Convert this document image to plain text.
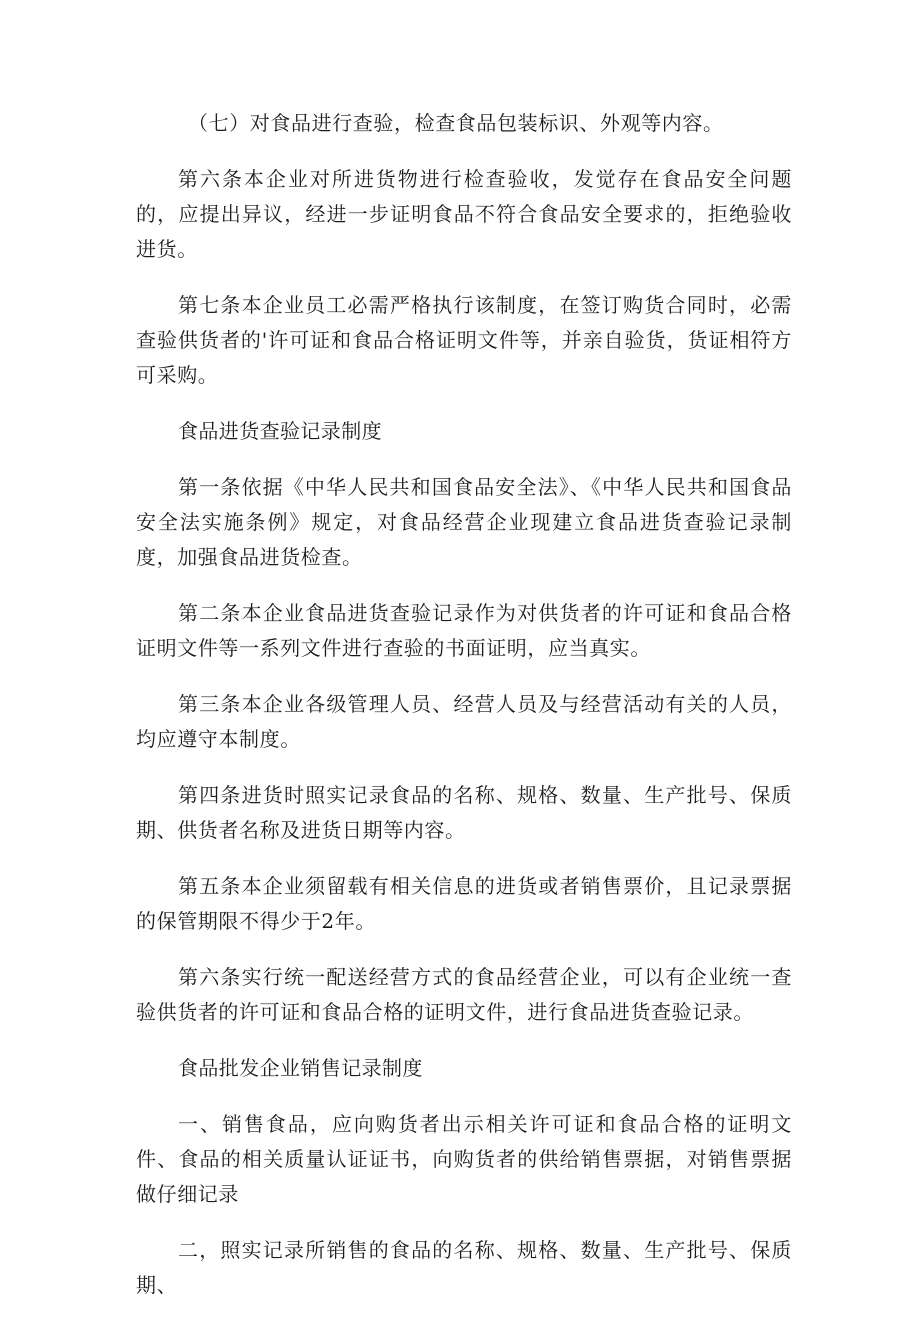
（七）对食品进行查验，检查食品包装标识、外观等内容。

第六条本企业对所进货物进行检查验收，发觉存在食品安全问题的，应提出异议，经进一步证明食品不符合食品安全要求的，拒绝验收进货。

第七条本企业员工必需严格执行该制度，在签订购货合同时，必需查验供货者的'许可证和食品合格证明文件等，并亲自验货，货证相符方可采购。

食品进货查验记录制度

第一条依据《中华人民共和国食品安全法》、《中华人民共和国食品安全法实施条例》规定，对食品经营企业现建立食品进货查验记录制度，加强食品进货检查。

第二条本企业食品进货查验记录作为对供货者的许可证和食品合格证明文件等一系列文件进行查验的书面证明，应当真实。

第三条本企业各级管理人员、经营人员及与经营活动有关的人员，均应遵守本制度。

第四条进货时照实记录食品的名称、规格、数量、生产批号、保质期、供货者名称及进货日期等内容。

第五条本企业须留载有相关信息的进货或者销售票价，且记录票据的保管期限不得少于2年。

第六条实行统一配送经营方式的食品经营企业，可以有企业统一查验供货者的许可证和食品合格的证明文件，进行食品进货查验记录。

食品批发企业销售记录制度

一、销售食品，应向购货者出示相关许可证和食品合格的证明文件、食品的相关质量认证证书，向购货者的供给销售票据，对销售票据做仔细记录

二，照实记录所销售的食品的名称、规格、数量、生产批号、保质期、
